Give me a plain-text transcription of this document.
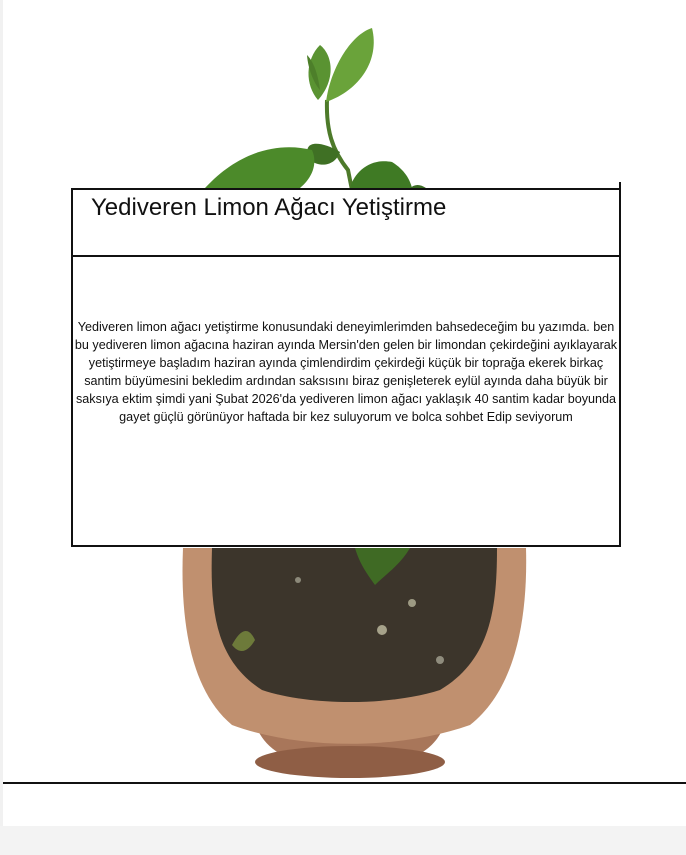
Yediveren Limon Ağacı Yetiştirme

Yediveren limon ağacı yetiştirme konusundaki deneyimlerimden bahsedeceğim bu yazımda. ben bu yediveren limon ağacına haziran ayında Mersin'den gelen bir limondan çekirdeğini ayıklayarak yetiştirmeye başladım haziran ayında çimlendirdim çekirdeği küçük bir toprağa ekerek birkaç santim büyümesini bekledim ardından saksısını biraz genişleterek eylül ayında daha büyük bir saksıya ektim şimdi yani Şubat 2026'da yediveren limon ağacı yaklaşık 40 santim kadar boyunda gayet güçlü görünüyor haftada bir kez suluyorum ve bolca sohbet Edip seviyorum
